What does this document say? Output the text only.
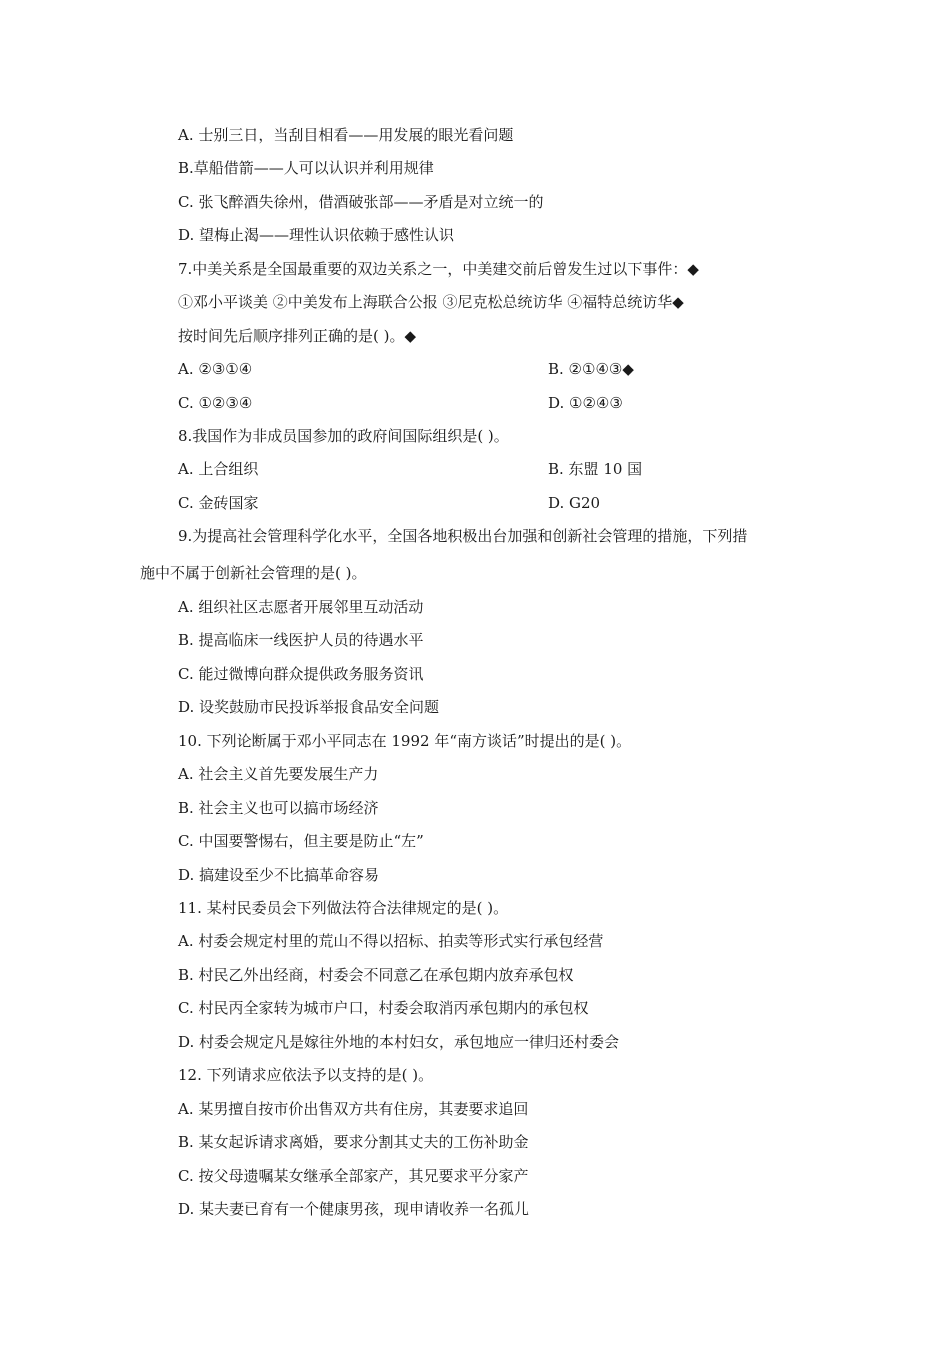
A. 士别三日，当刮目相看——用发展的眼光看问题
B.草船借箭——人可以认识并利用规律
C. 张飞醉酒失徐州，借酒破张部——矛盾是对立统一的
D. 望梅止渴——理性认识依赖于感性认识
7.中美关系是全国最重要的双边关系之一，中美建交前后曾发生过以下事件：◆
①邓小平谈美 ②中美发布上海联合公报 ③尼克松总统访华 ④福特总统访华◆
按时间先后顺序排列正确的是( )。◆
A. ②③①④	B. ②①④③◆
C. ①②③④	D. ①②④③
8.我国作为非成员国参加的政府间国际组织是( )。
A. 上合组织	B. 东盟 10 国
C. 金砖国家	D. G20
9.为提高社会管理科学化水平，全国各地积极出台加强和创新社会管理的措施，下列措
施中不属于创新社会管理的是( )。
A. 组织社区志愿者开展邻里互动活动
B. 提高临床一线医护人员的待遇水平
C. 能过微博向群众提供政务服务资讯
D. 设奖鼓励市民投诉举报食品安全问题
10. 下列论断属于邓小平同志在 1992 年“南方谈话”时提出的是( )。
A. 社会主义首先要发展生产力
B. 社会主义也可以搞市场经济
C. 中国要警惕右，但主要是防止“左”
D. 搞建设至少不比搞革命容易
11. 某村民委员会下列做法符合法律规定的是( )。
A. 村委会规定村里的荒山不得以招标、拍卖等形式实行承包经营
B. 村民乙外出经商，村委会不同意乙在承包期内放弃承包权
C. 村民丙全家转为城市户口，村委会取消丙承包期内的承包权
D. 村委会规定凡是嫁往外地的本村妇女，承包地应一律归还村委会
12. 下列请求应依法予以支持的是( )。
A. 某男擅自按市价出售双方共有住房，其妻要求追回
B. 某女起诉请求离婚，要求分割其丈夫的工伤补助金
C. 按父母遗嘱某女继承全部家产，其兄要求平分家产
D. 某夫妻已育有一个健康男孩，现申请收养一名孤儿
